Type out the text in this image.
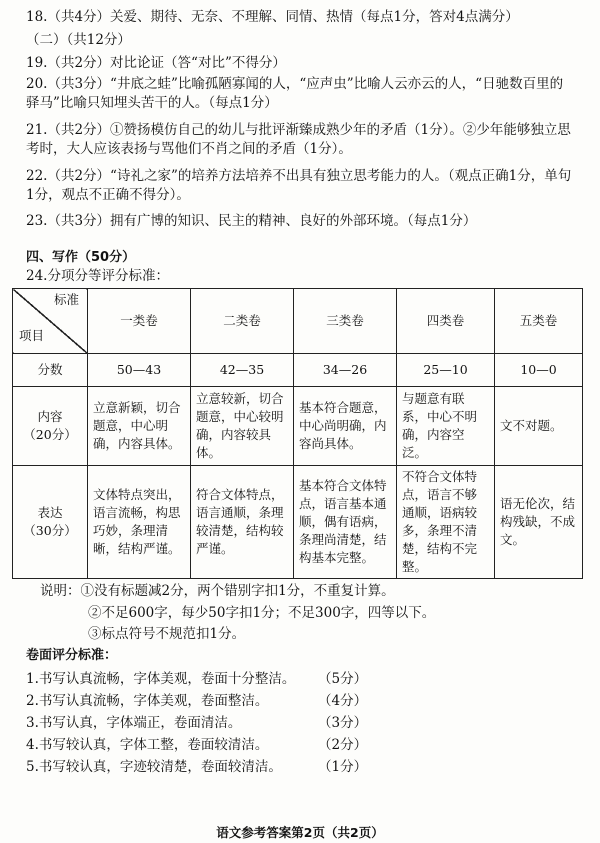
18.（共4分）关爱、期待、无奈、不理解、同情、热情（每点1分，答对4点满分）
（二）（共12分）
19.（共2分）对比论证（答“对比”不得分）
20.（共3分）“井底之蛙”比喻孤陋寡闻的人，“应声虫”比喻人云亦云的人，“日驰数百里的驿马”比喻只知埋头苦干的人。（每点1分）
21.（共2分）①赞扬模仿自己的幼儿与批评渐臻成熟少年的矛盾（1分）。②少年能够独立思考时，大人应该表扬与骂他们不肖之间的矛盾（1分）。
22.（共2分）“诗礼之家”的培养方法培养不出具有独立思考能力的人。（观点正确1分，单句1分，观点不正确不得分）。
23.（共3分）拥有广博的知识、民主的精神、良好的外部环境。（每点1分）
四、写作（50分）
24.分项分等评分标准：
标准
项目	一类卷	二类卷	三类卷	四类卷	五类卷
分数	50—43	42—35	34—26	25—10	10—0

内容
（20分）	立意新颖，切合题意，中心明确，内容具体。	立意较新，切合题意，中心较明确，内容较具体。	基本符合题意，中心尚明确，内容尚具体。	与题意有联系，中心不明确，内容空泛。	文不对题。

表达
（30分）	文体特点突出，语言流畅，构思巧妙，条理清晰，结构严谨。	符合文体特点，语言通顺，条理较清楚，结构较严谨。	基本符合文体特点，语言基本通顺，偶有语病，条理尚清楚，结构基本完整。	不符合文体特点，语言不够通顺，语病较多，条理不清楚，结构不完整。	语无伦次，结构残缺，不成文。
说明：①没有标题减2分，两个错别字扣1分，不重复计算。
②不足600字，每少50字扣1分；不足300字，四等以下。
③标点符号不规范扣1分。
卷面评分标准：
1.书写认真流畅，字体美观，卷面十分整洁。 （5分）
2.书写认真流畅，字体美观，卷面整洁。	（4分）
3.书写认真，字体端正，卷面清洁。	（3分）
4.书写较认真，字体工整，卷面较清洁。	（2分）
5.书写较认真，字迹较清楚，卷面较清洁。	（1分）
语文参考答案第2页（共2页）
